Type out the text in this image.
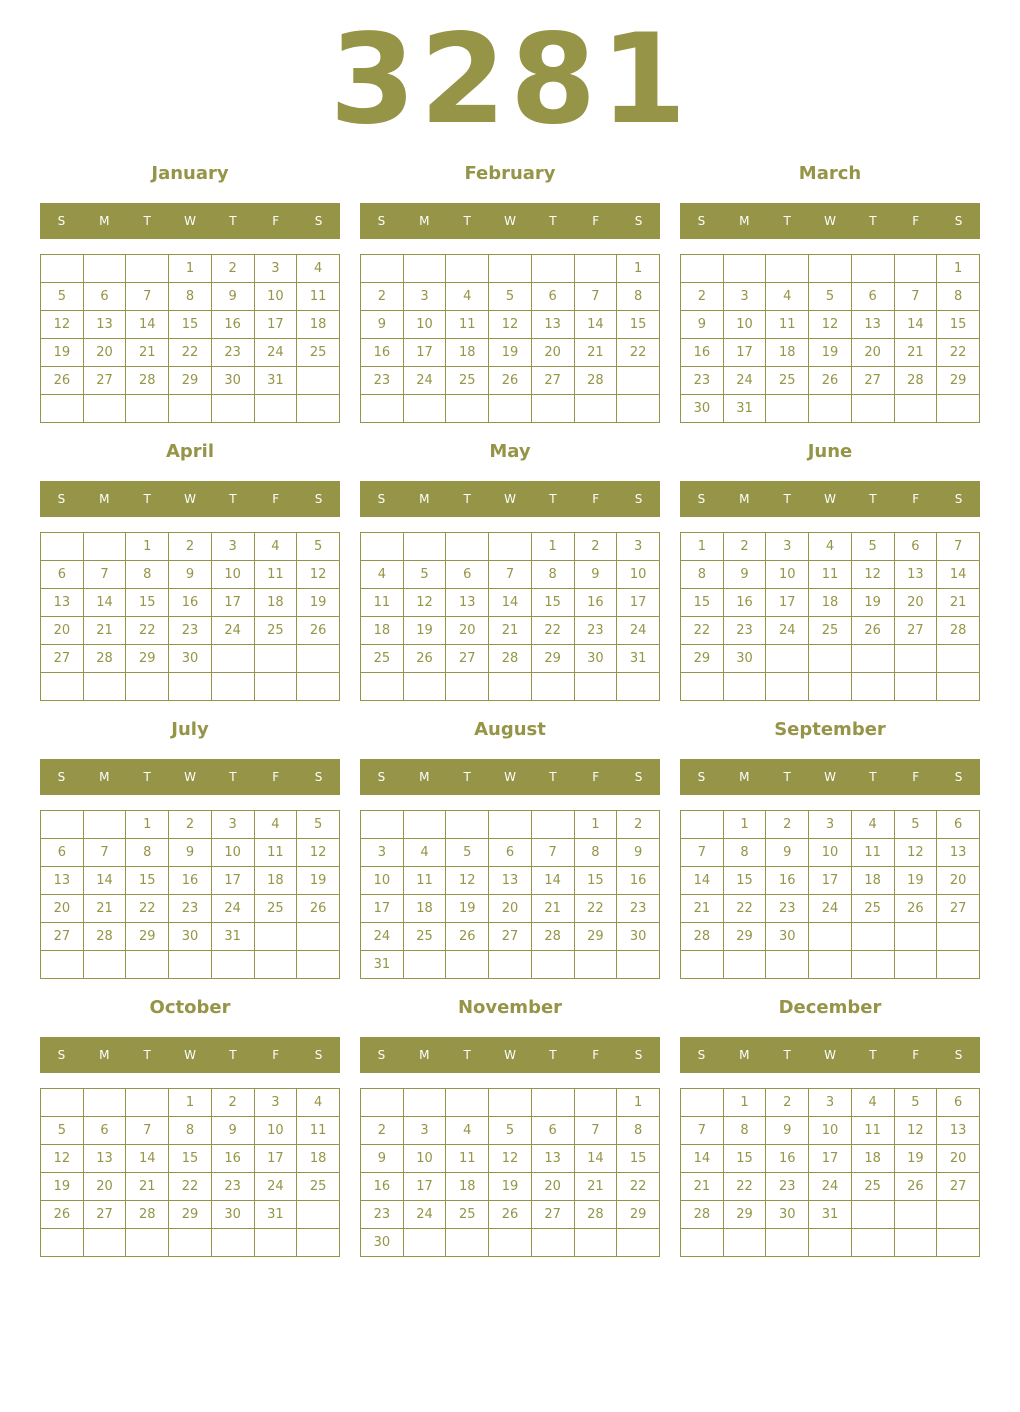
3281
January
S	M	T	W	T	F	S
			1	2	3	4
5	6	7	8	9	10	11
12	13	14	15	16	17	18
19	20	21	22	23	24	25
26	27	28	29	30	31	

February
S	M	T	W	T	F	S
						1
2	3	4	5	6	7	8
9	10	11	12	13	14	15
16	17	18	19	20	21	22
23	24	25	26	27	28	

March
S	M	T	W	T	F	S
						1
2	3	4	5	6	7	8
9	10	11	12	13	14	15
16	17	18	19	20	21	22
23	24	25	26	27	28	29
30	31					
April
S	M	T	W	T	F	S
		1	2	3	4	5
6	7	8	9	10	11	12
13	14	15	16	17	18	19
20	21	22	23	24	25	26
27	28	29	30			

May
S	M	T	W	T	F	S
				1	2	3
4	5	6	7	8	9	10
11	12	13	14	15	16	17
18	19	20	21	22	23	24
25	26	27	28	29	30	31

June
S	M	T	W	T	F	S
1	2	3	4	5	6	7
8	9	10	11	12	13	14
15	16	17	18	19	20	21
22	23	24	25	26	27	28
29	30					

July
S	M	T	W	T	F	S
		1	2	3	4	5
6	7	8	9	10	11	12
13	14	15	16	17	18	19
20	21	22	23	24	25	26
27	28	29	30	31		

August
S	M	T	W	T	F	S
					1	2
3	4	5	6	7	8	9
10	11	12	13	14	15	16
17	18	19	20	21	22	23
24	25	26	27	28	29	30
31						
September
S	M	T	W	T	F	S
	1	2	3	4	5	6
7	8	9	10	11	12	13
14	15	16	17	18	19	20
21	22	23	24	25	26	27
28	29	30				

October
S	M	T	W	T	F	S
			1	2	3	4
5	6	7	8	9	10	11
12	13	14	15	16	17	18
19	20	21	22	23	24	25
26	27	28	29	30	31	

November
S	M	T	W	T	F	S
						1
2	3	4	5	6	7	8
9	10	11	12	13	14	15
16	17	18	19	20	21	22
23	24	25	26	27	28	29
30						
December
S	M	T	W	T	F	S
	1	2	3	4	5	6
7	8	9	10	11	12	13
14	15	16	17	18	19	20
21	22	23	24	25	26	27
28	29	30	31			
